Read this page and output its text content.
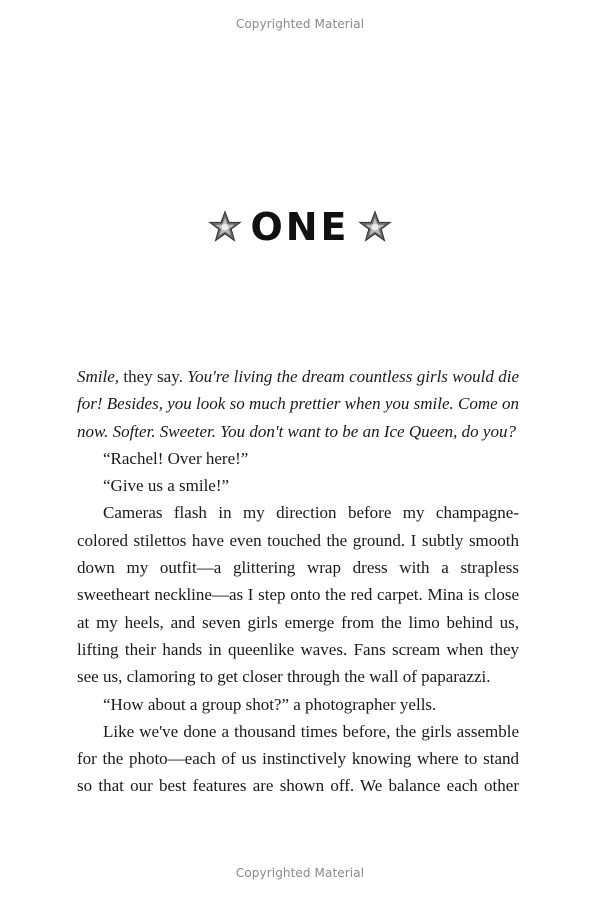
Copyrighted Material
ONE

Smile, they say. You're living the dream countless girls would die for! Besides, you look so much prettier when you smile. Come on now. Softer. Sweeter. You don't want to be an Ice Queen, do you?

“Rachel! Over here!”

“Give us a smile!”

Cameras flash in my direction before my champagne-colored stilettos have even touched the ground. I subtly smooth down my outfit—a glittering wrap dress with a strapless sweetheart neckline—as I step onto the red carpet. Mina is close at my heels, and seven girls emerge from the limo behind us, lifting their hands in queenlike waves. Fans scream when they see us, clamoring to get closer through the wall of paparazzi.

“How about a group shot?” a photographer yells.

Like we've done a thousand times before, the girls assemble for the photo—each of us instinctively knowing where to stand so that our best features are shown off. We balance each other

Copyrighted Material
